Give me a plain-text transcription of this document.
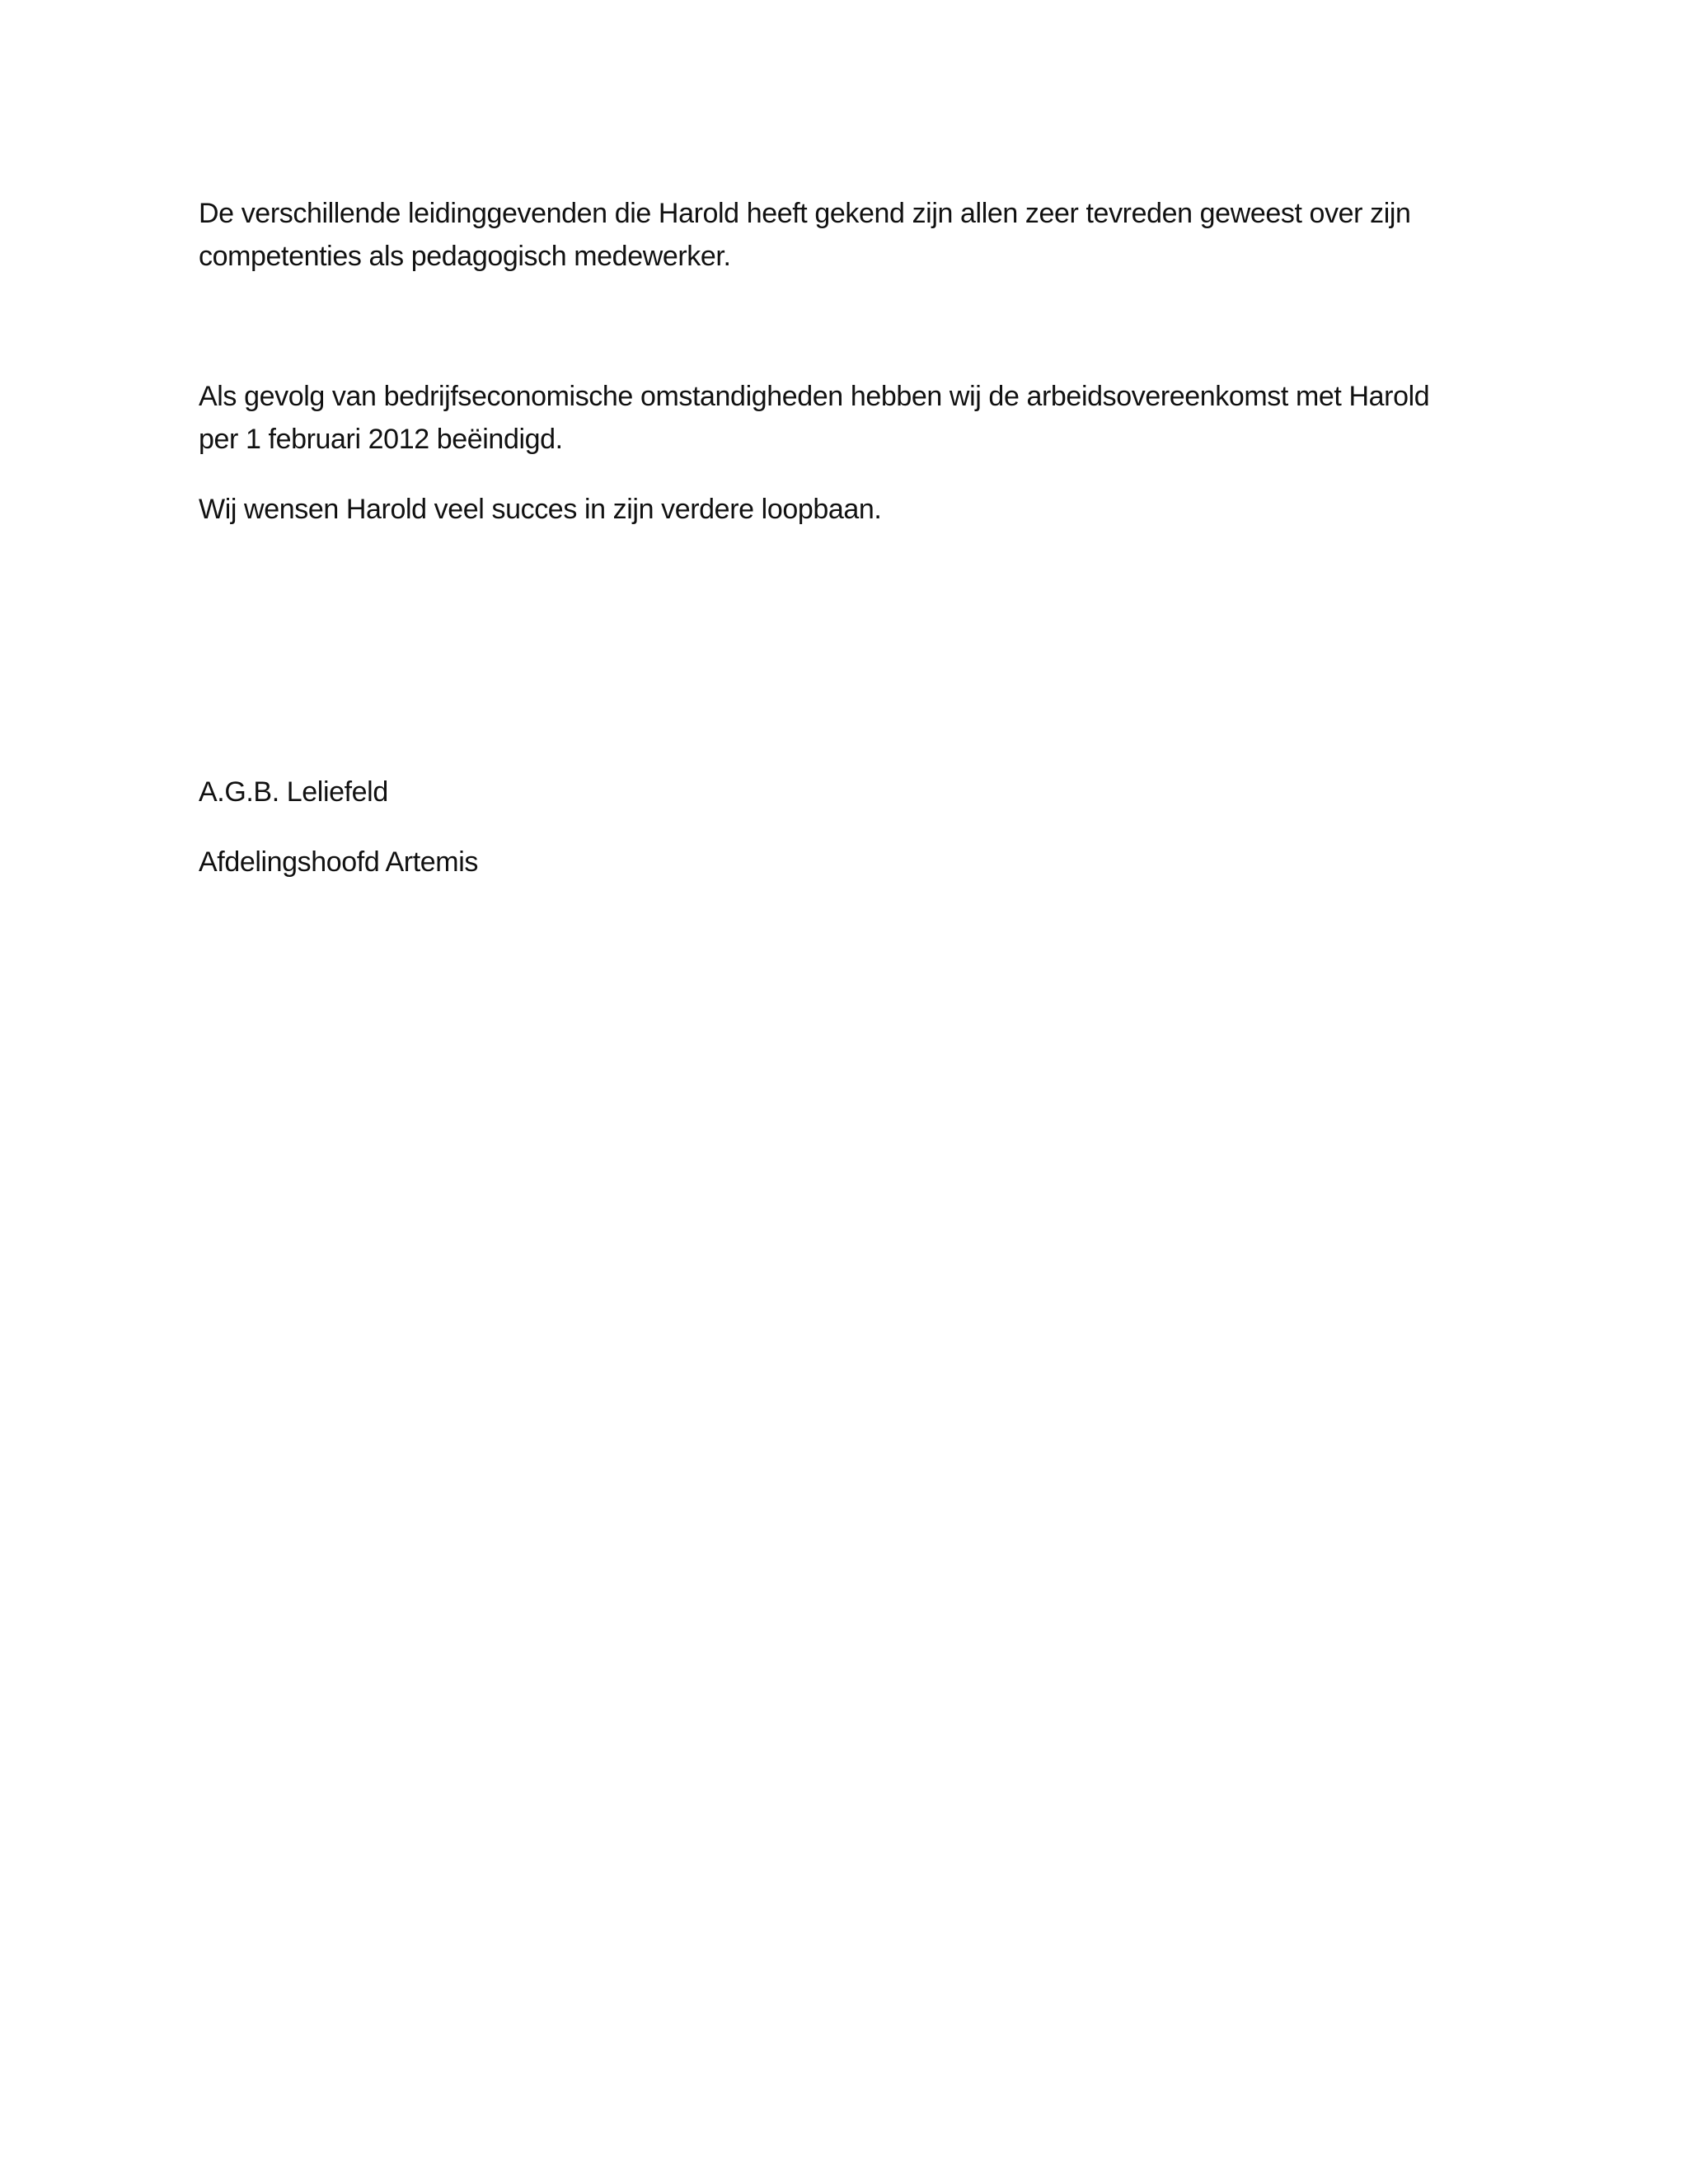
De verschillende leidinggevenden die Harold heeft gekend zijn allen zeer tevreden geweest over zijn
competenties als pedagogisch medewerker.

Als gevolg van bedrijfseconomische omstandigheden hebben wij de arbeidsovereenkomst met Harold
per 1 februari 2012 beëindigd.

Wij wensen Harold veel succes in zijn verdere loopbaan.

A.G.B. Leliefeld

Afdelingshoofd Artemis
